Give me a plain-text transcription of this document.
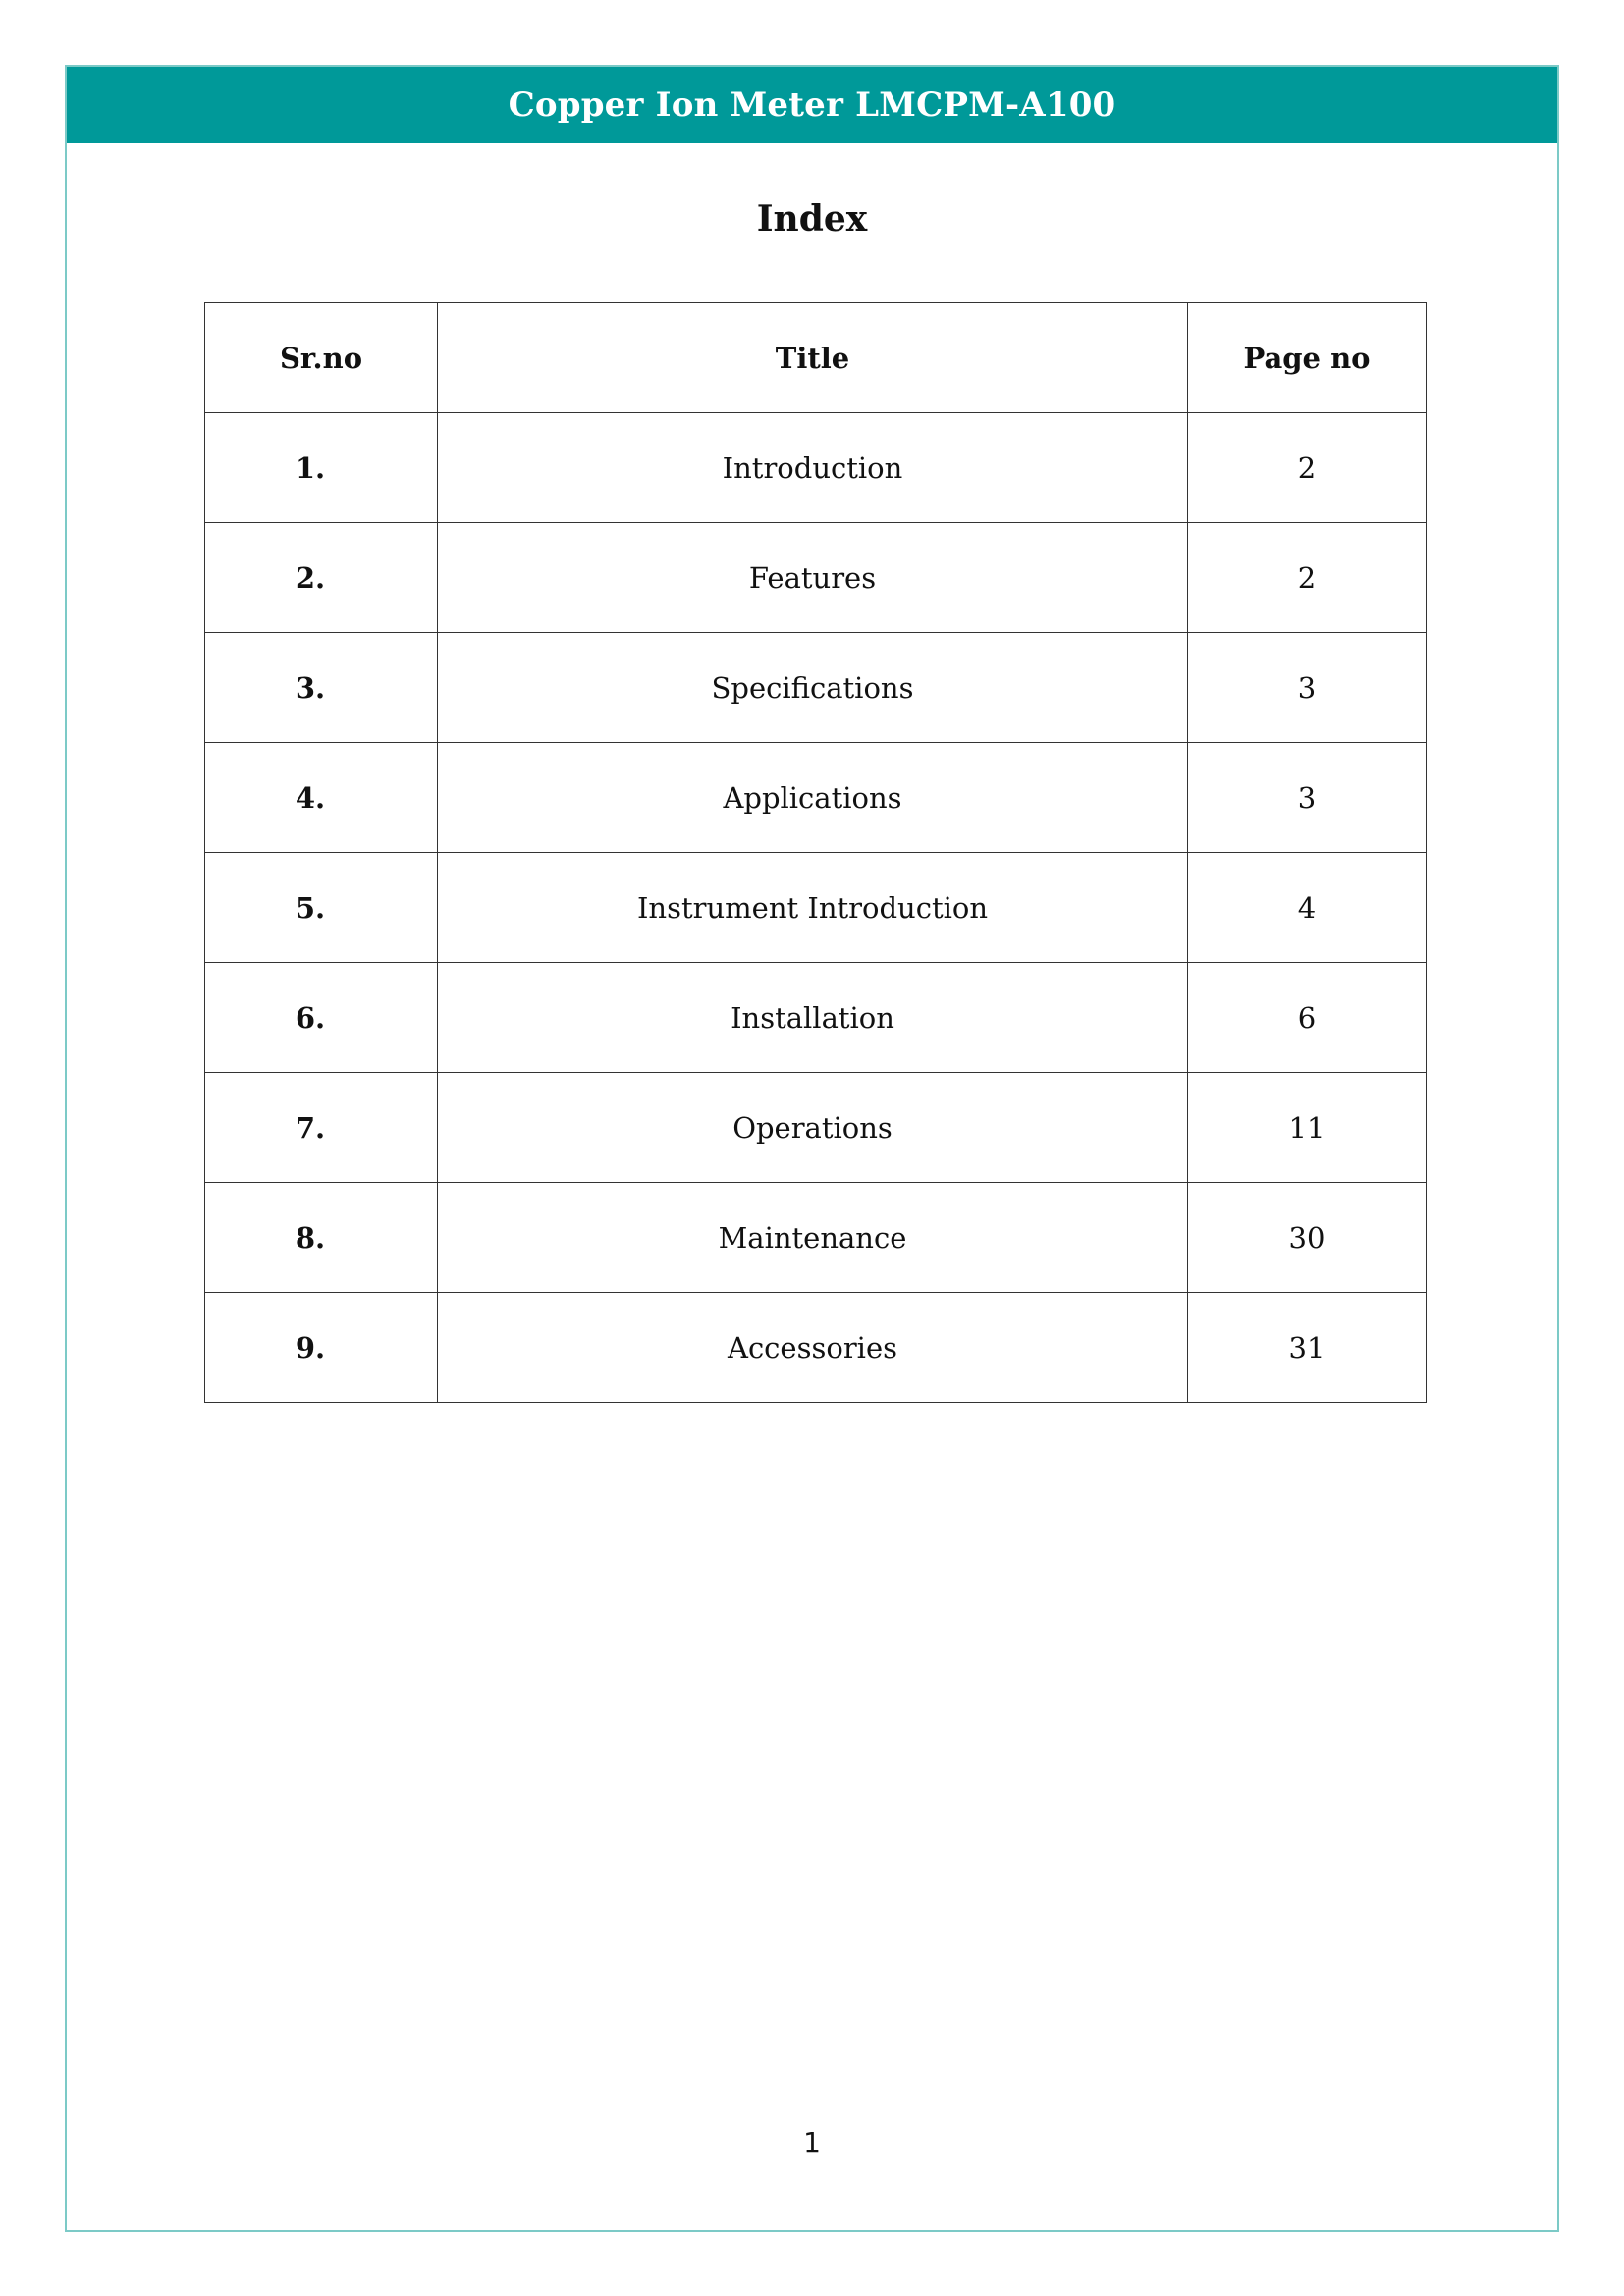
Copper Ion Meter LMCPM-A100
Index
Sr.no	Title	Page no
1.	Introduction	2
2.	Features	2
3.	Specifications	3
4.	Applications	3
5.	Instrument Introduction	4
6.	Installation	6
7.	Operations	11
8.	Maintenance	30
9.	Accessories	31
1
